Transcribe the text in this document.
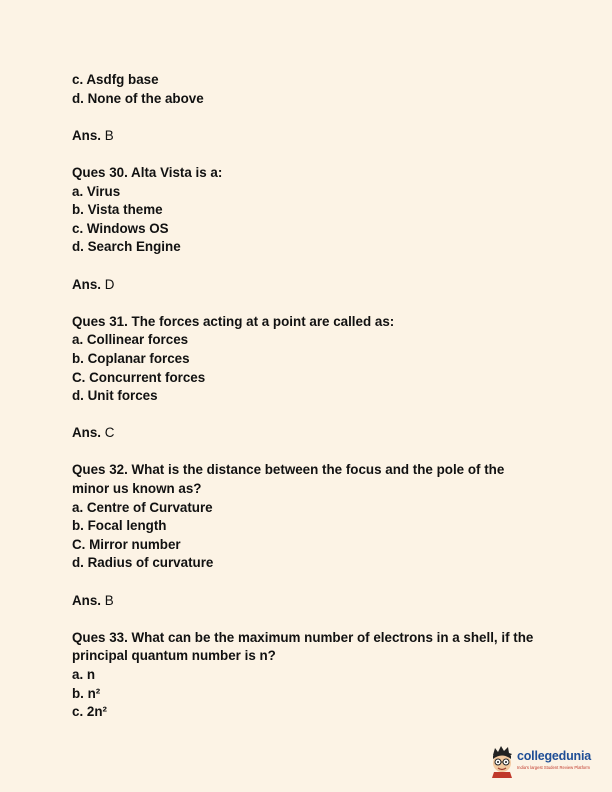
c. Asdfg base
d. None of the above
Ans. B
Ques 30. Alta Vista is a:
a. Virus
b. Vista theme
c. Windows OS
d. Search Engine
Ans. D
Ques 31. The forces acting at a point are called as:
a. Collinear forces
b. Coplanar forces
C. Concurrent forces
d. Unit forces
Ans. C
Ques 32. What is the distance between the focus and the pole of the minor us known as?
a. Centre of Curvature
b. Focal length
C. Mirror number
d. Radius of curvature
Ans. B
Ques 33. What can be the maximum number of electrons in a shell, if the principal quantum number is n?
a. n
b. n²
c. 2n²
collegedunia
India's largest Student Review Platform
